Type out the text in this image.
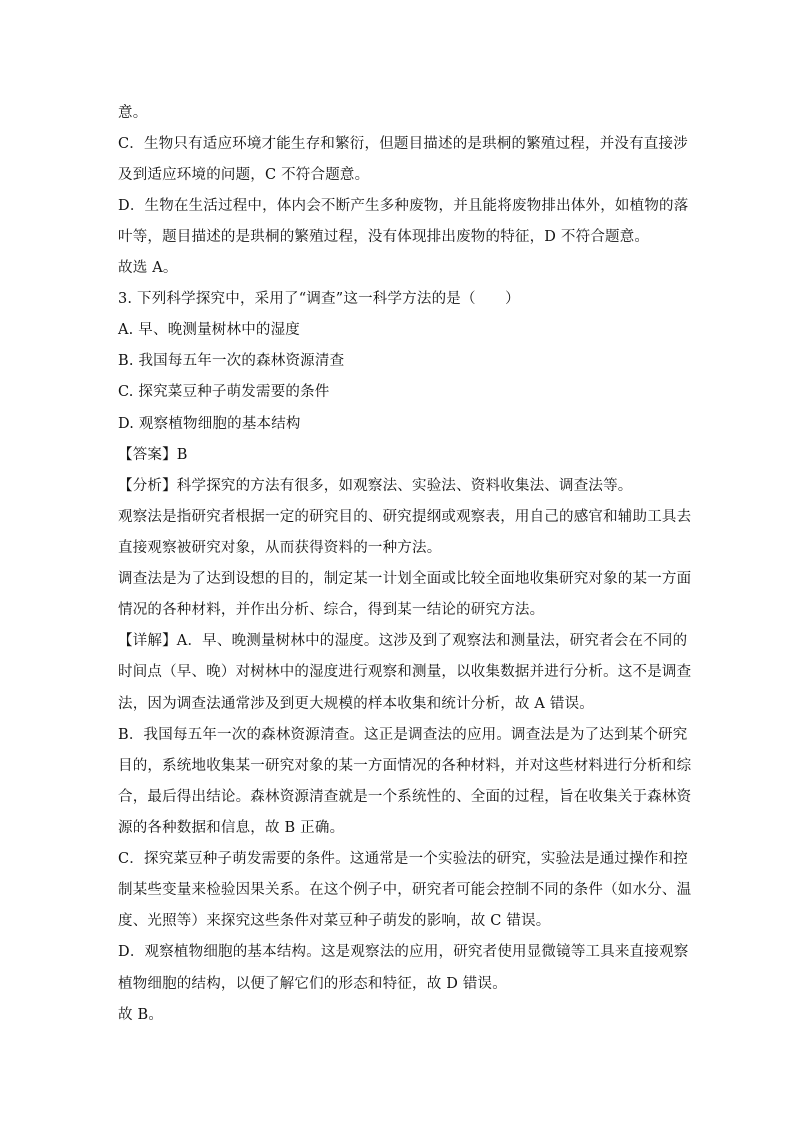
意。
C．生物只有适应环境才能生存和繁衍，但题目描述的是珙桐的繁殖过程，并没有直接涉
及到适应环境的问题，C 不符合题意。
D．生物在生活过程中，体内会不断产生多种废物，并且能将废物排出体外，如植物的落
叶等，题目描述的是珙桐的繁殖过程，没有体现排出废物的特征，D 不符合题意。
故选 A。
3. 下列科学探究中，采用了“调查”这一科学方法的是（　　）
A. 早、晚测量树林中的湿度
B. 我国每五年一次的森林资源清查
C. 探究菜豆种子萌发需要的条件
D. 观察植物细胞的基本结构
【答案】B
【分析】科学探究的方法有很多，如观察法、实验法、资料收集法、调查法等。
观察法是指研究者根据一定的研究目的、研究提纲或观察表，用自己的感官和辅助工具去
直接观察被研究对象，从而获得资料的一种方法。
调查法是为了达到设想的目的，制定某一计划全面或比较全面地收集研究对象的某一方面
情况的各种材料，并作出分析、综合，得到某一结论的研究方法。
【详解】A．早、晚测量树林中的湿度。这涉及到了观察法和测量法，研究者会在不同的
时间点（早、晚）对树林中的湿度进行观察和测量，以收集数据并进行分析。这不是调查
法，因为调查法通常涉及到更大规模的样本收集和统计分析，故 A 错误。
B．我国每五年一次的森林资源清查。这正是调查法的应用。调查法是为了达到某个研究
目的，系统地收集某一研究对象的某一方面情况的各种材料，并对这些材料进行分析和综
合，最后得出结论。森林资源清查就是一个系统性的、全面的过程，旨在收集关于森林资
源的各种数据和信息，故 B 正确。
C．探究菜豆种子萌发需要的条件。这通常是一个实验法的研究，实验法是通过操作和控
制某些变量来检验因果关系。在这个例子中，研究者可能会控制不同的条件（如水分、温
度、光照等）来探究这些条件对菜豆种子萌发的影响，故 C 错误。
D．观察植物细胞的基本结构。这是观察法的应用，研究者使用显微镜等工具来直接观察
植物细胞的结构，以便了解它们的形态和特征，故 D 错误。
故 B。
